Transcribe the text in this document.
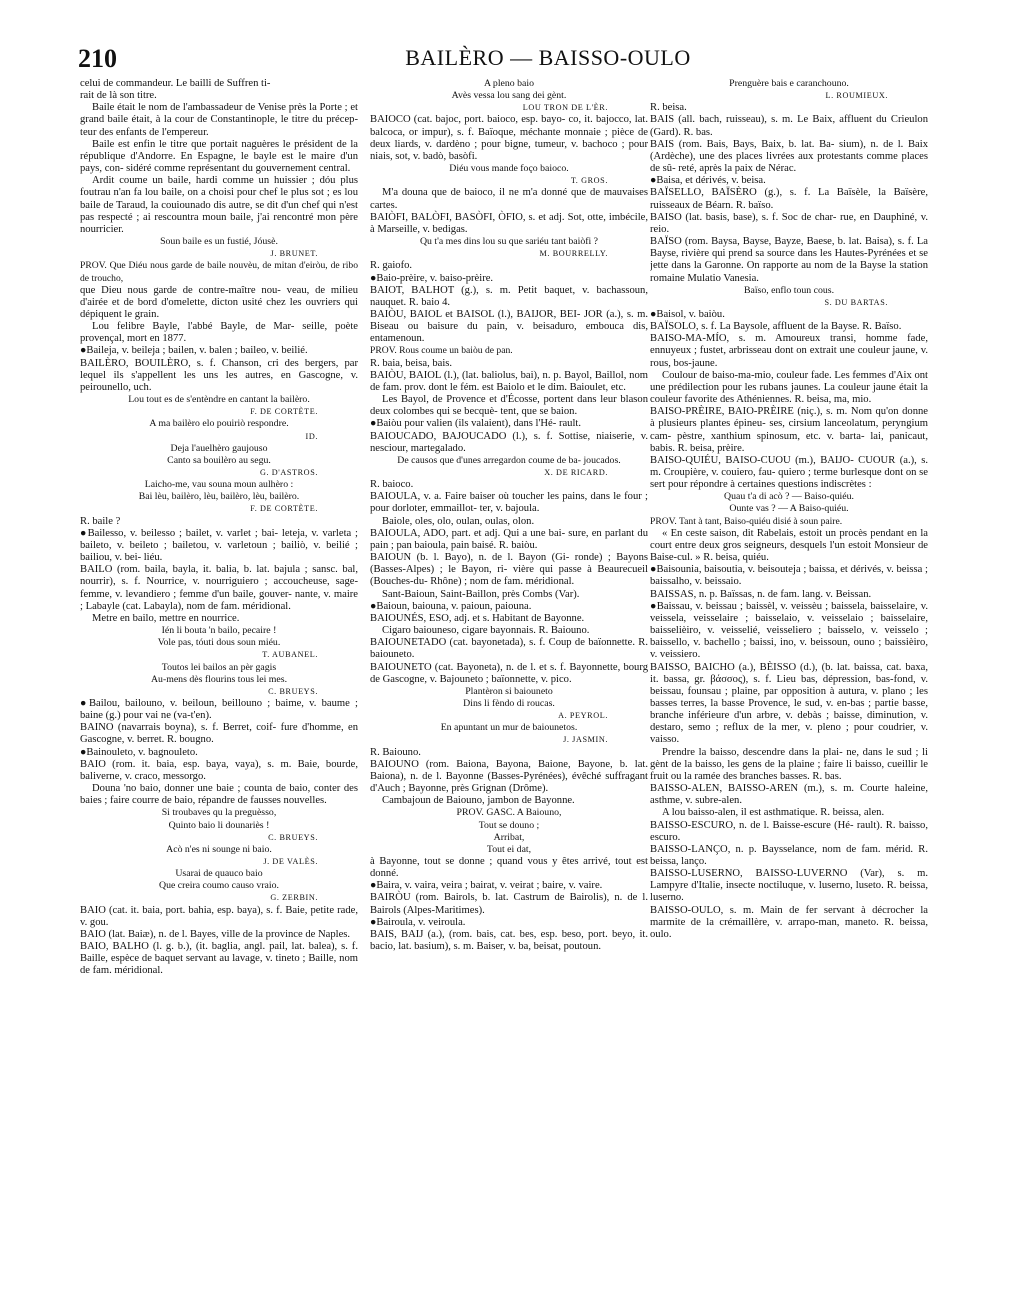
210	BAILÈRO — BAISSO-OULO

celui de commandeur. Le bailli de Suffren ti-

rait de là son titre.

Baile était le nom de l'ambassadeur de Venise près la Porte ; et grand baile était, à la cour de Constantinople, le titre du précep- teur des enfants de l'empereur.

Baile est enfin le titre que portait naguères le président de la république d'Andorre. En Espagne, le bayle est le maire d'un pays, con- sidéré comme représentant du gouvernement central.

Ardit coume un baile, hardi comme un huissier ; dóu plus foutrau n'an fa lou baile, on a choisi pour chef le plus sot ; es lou baile de Taraud, la couiounado dis autre, se dit d'un chef qui n'est pas respecté ; ai rescountra moun baile, j'ai rencontré mon père nourricier.

Soun baile es un fustié, Jóusè.

J. BRUNET.

PROV. Que Diéu nous garde de baile nouvèu, de mitan d'eiròu, de ribo de troucho,

que Dieu nous garde de contre-maître nou- veau, de milieu d'airée et de bord d'omelette, dicton usité chez les ouvriers qui dépiquent le grain.

Lou felibre Bayle, l'abbé Bayle, de Mar- seille, poète provençal, mort en 1877.

●Baileja, v. beileja ; bailen, v. balen ; baileo, v. beilié.

BAILÈRO, BOUILÈRO, s. f. Chanson, cri des bergers, par lequel ils s'appellent les uns les autres, en Gascogne, v. peirounello, uch.

Lou tout es de s'entèndre en cantant la bailèro.

F. DE CORTÈTE.

A ma bailèro elo pouiriò respondre.

ID.

Deja l'auelhèro gaujouso

Canto sa bouilèro au segu.

G. D'ASTROS.

Laicho-me, vau souna moun aulhèro :

Bai lèu, bailèro, lèu, bailèro, lèu, bailèro.

F. DE CORTÈTE.

R. baile ?

●Bailesso, v. beilesso ; bailet, v. varlet ; bai- leteja, v. varleta ; baileto, v. beileto ; bailetou, v. varletoun ; bailiò, v. beilié ; bailiou, v. bei- liéu.

BAILO (rom. baila, bayla, it. balia, b. lat. bajula ; sansc. bal, nourrir), s. f. Nourrice, v. nourriguiero ; accoucheuse, sage-femme, v. levandiero ; femme d'un baile, gouver- nante, v. maire ; Labayle (cat. Labayla), nom de fam. méridional.

Metre en bailo, mettre en nourrice.

Ién li bouta 'n bailo, pecaire !

Vole pas, tóuti dous soun miéu.

T. AUBANEL.

Toutos lei bailos an pèr gagis

Au-mens dès flourins tous lei mes.

C. BRUEYS.

●Bailou, bailouno, v. beiloun, beillouno ; baime, v. baume ; baine (g.) pour vai ne (va-t'en).

BAINO (navarrais boyna), s. f. Berret, coif- fure d'homme, en Gascogne, v. berret. R. bougno.

●Bainouleto, v. bagnouleto.

BAIO (rom. it. baia, esp. baya, vaya), s. m. Baie, bourde, baliverne, v. craco, messorgo.

Douna 'no baio, donner une baie ; counta de baio, conter des baies ; faire courre de baio, répandre de fausses nouvelles.

Si troubaves qu la preguèsso,

Quinto baio li dounariès !

C. BRUEYS.

Acò n'es ni sounge ni baio.

J. DE VALÈS.

Usarai de quauco baio

Que creira coumo causo vraio.

G. ZERBIN.

BAIO (cat. it. baia, port. bahia, esp. baya), s. f. Baie, petite rade, v. gou.

BAIO (lat. Baiæ), n. de l. Bayes, ville de la province de Naples.

BAIO, BALHO (l. g. b.), (it. baglia, angl. pail, lat. balea), s. f. Baille, espèce de baquet servant au lavage, v. tineto ; Baille, nom de fam. méridional.

A pleno baio

Avès vessa lou sang dei gènt.

LOU TRON DE L'ÈR.

BAIOCO (cat. bajoc, port. baioco, esp. bayo- co, it. bajocco, lat. balcoca, or impur), s. f. Baïoque, méchante monnaie ; pièce de deux liards, v. dardèno ; pour bigne, tumeur, v. bachoco ; pour niais, sot, v. badò, basòfi.

Diéu vous mande foço baioco.

T. GROS.

M'a douna que de baioco, il ne m'a donné que de mauvaises cartes.

BAIÒFI, BALÒFI, BASÒFI, ÒFIO, s. et adj. Sot, otte, imbécile, à Marseille, v. bedigas.

Qu t'a mes dins lou su que sariéu tant baiòfi ?

M. BOURRELLY.

R. gaiofo.

●Baio-prèire, v. baiso-prèire.

BAIOT, BALHOT (g.), s. m. Petit baquet, v. bachassoun, nauquet. R. baio 4.

BAIÒU, BAIOL et BAISOL (l.), BAIJOR, BEI- JOR (a.), s. m. Biseau ou baisure du pain, v. beisaduro, embouca dis, entamenoun.

PROV. Rous coume un baiòu de pan.

R. baia, beisa, bais.

BAIÒU, BAIOL (l.), (lat. baliolus, bai), n. p. Bayol, Baillol, nom de fam. prov. dont le fém. est Baiolo et le dim. Baioulet, etc.

Les Bayol, de Provence et d'Écosse, portent dans leur blason deux colombes qui se becquè- tent, que se baion.

●Baiòu pour valien (ils valaient), dans l'Hé- rault.

BAIOUCADO, BAJOUCADO (l.), s. f. Sottise, niaiserie, v. nesciour, martegalado.

De causos que d'unes arregardon coume de ba- joucados.

X. DE RICARD.

R. baioco.

BAIOULA, v. a. Faire baiser où toucher les pains, dans le four ; pour dorloter, emmaillot- ter, v. bajoula.

Baiole, oles, olo, oulan, oulas, olon.

BAIOULA, ADO, part. et adj. Qui a une bai- sure, en parlant du pain ; pan baioula, pain baisé. R. baiòu.

BAIOUN (b. l. Bayo), n. de l. Bayon (Gi- ronde) ; Bayons (Basses-Alpes) ; le Bayon, ri- vière qui passe à Beaurecueil (Bouches-du- Rhône) ; nom de fam. méridional.

Sant-Baioun, Saint-Baillon, près Combs (Var).

●Baioun, baiouna, v. paioun, paiouna.

BAIOUNÉS, ESO, adj. et s. Habitant de Bayonne.

Cigaro baiouneso, cigare bayonnais. R. Baiouno.

BAIOUNETADO (cat. bayonetada), s. f. Coup de baïonnette. R. baiouneto.

BAIOUNETO (cat. Bayoneta), n. de l. et s. f. Bayonnette, bourg de Gascogne, v. Bajouneto ; baïonnette, v. pico.

Plantèron si baiouneto

Dins li fèndo di roucas.

A. PEYROL.

En apuntant un mur de baiounetos.

J. JASMIN.

R. Baiouno.

BAIOUNO (rom. Baiona, Bayona, Baione, Bayone, b. lat. Baiona), n. de l. Bayonne (Basses-Pyrénées), évêché suffragant d'Auch ; Bayonne, près Grignan (Drôme).

Cambajoun de Baiouno, jambon de Bayonne.

PROV. GASC. A Baiouno,

Tout se douno ;

Arribat,

Tout ei dat,

à Bayonne, tout se donne ; quand vous y êtes arrivé, tout est donné.

●Baira, v. vaira, veira ; bairat, v. veirat ; baire, v. vaire.

BAIRÒU (rom. Bairols, b. lat. Castrum de Bairolis), n. de l. Bairols (Alpes-Maritimes).

●Bairoula, v. veiroula.

BAIS, BAIJ (a.), (rom. bais, cat. bes, esp. beso, port. beyo, it. bacio, lat. basium), s. m. Baiser, v. ba, beisat, poutoun.

Prenguère bais e caranchouno.

L. ROUMIEUX.

R. beisa.

BAIS (all. bach, ruisseau), s. m. Le Baix, affluent du Crieulon (Gard). R. bas.

BAIS (rom. Bais, Bays, Baix, b. lat. Ba- sium), n. de l. Baix (Ardèche), une des places livrées aux protestants comme places de sû- reté, après la paix de Nérac.

●Baisa, et dérivés, v. beisa.

BAÏSELLO, BAÏSÈRO (g.), s. f. La Baïsèle, la Baïsère, ruisseaux de Béarn. R. baïso.

BAISO (lat. basis, base), s. f. Soc de char- rue, en Dauphiné, v. reio.

BAÏSO (rom. Baysa, Bayse, Bayze, Baese, b. lat. Baisa), s. f. La Bayse, rivière qui prend sa source dans les Hautes-Pyrénées et se jette dans la Garonne. On rapporte au nom de la Bayse la station romaine Mulatio Vanesia.

Baïso, enflo toun cous.

S. DU BARTAS.

●Baisol, v. baiòu.

BAÏSOLO, s. f. La Baysole, affluent de la Bayse. R. Baïso.

BAISO-MA-MÍO, s. m. Amoureux transi, homme fade, ennuyeux ; fustet, arbrisseau dont on extrait une couleur jaune, v. rous, bos-jaune.

Coulour de baiso-ma-mio, couleur fade. Les femmes d'Aix ont une prédilection pour les rubans jaunes. La couleur jaune était la couleur favorite des Athéniennes. R. beisa, ma, mio.

BAISO-PRÈIRE, BAIO-PRÈIRE (niç.), s. m. Nom qu'on donne à plusieurs plantes épineu- ses, cirsium lanceolatum, peryngium cam- pèstre, xanthium spinosum, etc. v. barta- lai, panicaut, babis. R. beisa, prèire.

BAISO-QUIÉU, BAISO-CUOU (m.), BAIJO- CUOUR (a.), s. m. Croupière, v. couiero, fau- quiero ; terme burlesque dont on se sert pour répondre à certaines questions indiscrètes :

Quau t'a di acò ? — Baiso-quiéu.

Ounte vas ? — A Baiso-quiéu.

PROV. Tant à tant, Baiso-quiéu disié à soun paire.

« En ceste saison, dit Rabelais, estoit un procès pendant en la court entre deux gros seigneurs, desquels l'un estoit Monsieur de Baise-cul. » R. beisa, quiéu.

●Baisounia, baisoutia, v. beisouteja ; baissa, et dérivés, v. beissa ; baissalho, v. beissaio.

BAISSAS, n. p. Baïssas, n. de fam. lang. v. Beissan.

●Baissau, v. beissau ; baissèl, v. veissèu ; baissela, baisselaire, v. veissela, veisselaire ; baisselaio, v. veisselaio ; baisselaire, baisselièiro, v. veisselié, veisseliero ; baisselo, v. veisselo ; baissello, v. bachello ; baissi, ino, v. beissoun, ouno ; baissièiro, v. veissiero.

BAISSO, BAICHO (a.), BÈISSO (d.), (b. lat. baissa, cat. baxa, it. bassa, gr. βάσσος), s. f. Lieu bas, dépression, bas-fond, v. beissau, founsau ; plaine, par opposition à autura, v. plano ; les basses terres, la basse Provence, le sud, v. en-bas ; partie basse, branche inférieure d'un arbre, v. debàs ; baisse, diminution, v. destaro, semo ; reflux de la mer, v. pleno ; pour coudrier, v. vaisso.

Prendre la baisso, descendre dans la plai- ne, dans le sud ; li gènt de la baisso, les gens de la plaine ; faire li baisso, cueillir le fruit ou la ramée des branches basses. R. bas.

BAISSO-ALEN, BAISSO-AREN (m.), s. m. Courte haleine, asthme, v. subre-alen.

A lou baisso-alen, il est asthmatique. R. beissa, alen.

BAISSO-ESCURO, n. de l. Baisse-escure (Hé- rault). R. baisso, escuro.

BAISSO-LANÇO, n. p. Baysselance, nom de fam. mérid. R. beissa, lanço.

BAISSO-LUSERNO, BAISSO-LUVERNO (Var), s. m. Lampyre d'Italie, insecte noctiluque, v. luserno, luseto. R. beissa, luserno.

BAISSO-OULO, s. m. Main de fer servant à décrocher la marmite de la crémaillère, v. arrapo-man, maneto. R. beissa, oulo.
